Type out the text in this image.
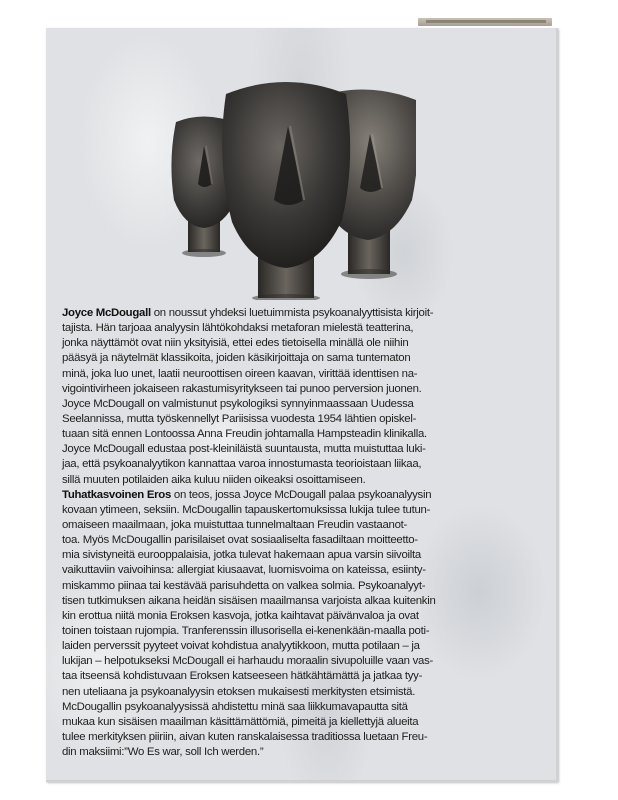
Joyce McDougall on noussut yhdeksi luetuimmista psykoanalyyttisista kirjoit-
tajista. Hän tarjoaa analyysin lähtökohdaksi metaforan mielestä teatterina,
jonka näyttämöt ovat niin yksityisiä, ettei edes tietoisella minällä ole niihin
pääsyä ja näytelmät klassikoita, joiden käsikirjoittaja on sama tuntematon
minä, joka luo unet, laatii neuroottisen oireen kaavan, virittää identtisen na-
vigointivirheen jokaiseen rakastumisyritykseen tai punoo perversion juonen.
Joyce McDougall on valmistunut psykologiksi synnyinmaassaan Uudessa
Seelannissa, mutta työskennellyt Pariisissa vuodesta 1954 lähtien opiskel-
tuaan sitä ennen Lontoossa Anna Freudin johtamalla Hampsteadin klinikalla.
Joyce McDougall edustaa post-kleiniläistä suuntausta, mutta muistuttaa luki-
jaa, että psykoanalyytikon kannattaa varoa innostumasta teorioistaan liikaa,
sillä muuten potilaiden aika kuluu niiden oikeaksi osoittamiseen.
Tuhatkasvoinen Eros on teos, jossa Joyce McDougall palaa psykoanalyysin
kovaan ytimeen, seksiin. McDougallin tapauskertomuksissa lukija tulee tutun-
omaiseen maailmaan, joka muistuttaa tunnelmaltaan Freudin vastaanot-
toa. Myös McDougallin parisilaiset ovat sosiaaliselta fasadiltaan moitteetto-
mia sivistyneitä eurooppalaisia, jotka tulevat hakemaan apua varsin siivoilta
vaikuttaviin vaivoihinsa: allergiat kiusaavat, luomisvoima on kateissa, esiinty-
miskammo piinaa tai kestävää parisuhdetta on valkea solmia. Psykoanalyyt-
tisen tutkimuksen aikana heidän sisäisen maailmansa varjoista alkaa kuitenkin
kin erottua niitä monia Eroksen kasvoja, jotka kaihtavat päivänvaloa ja ovat
toinen toistaan rujompia. Tranferenssin illusorisella ei-kenenkään-maalla poti-
laiden perverssit pyyteet voivat kohdistua analyytikkoon, mutta potilaan – ja
lukijan – helpotukseksi McDougall ei harhaudu moraalin sivupoluille vaan vas-
taa itseensä kohdistuvaan Eroksen katseeseen hätkähtämättä ja jatkaa tyy-
nen uteliaana ja psykoanalyysin etoksen mukaisesti merkitysten etsimistä.
McDougallin psykoanalyysissä ahdistettu minä saa liikkumavapautta sitä
mukaa kun sisäisen maailman käsittämättömiä, pimeitä ja kiellettyjä alueita
tulee merkityksen piiriin, aivan kuten ranskalaisessa traditiossa luetaan Freu-
din maksiimi:”Wo Es war, soll Ich werden.”
